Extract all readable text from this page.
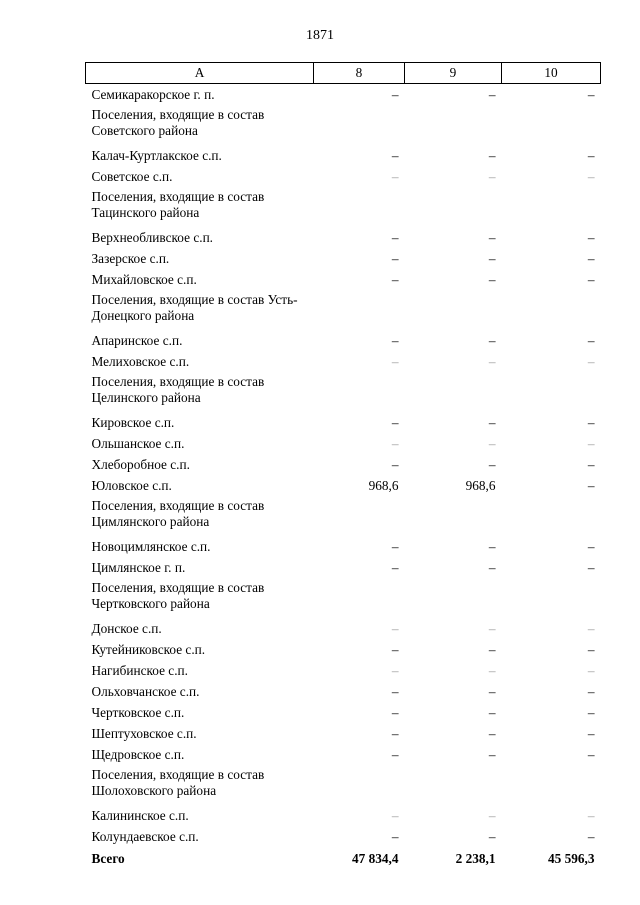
1871
А	8	9	10
Семикаракорское г. п.	–	–	–
Поселения, входящие в состав Советского района			
Калач-Куртлакское с.п.	–	–	–
Советское с.п.	–	–	–
Поселения, входящие в состав Тацинского района			
Верхнеобливское с.п.	–	–	–
Зазерское с.п.	–	–	–
Михайловское с.п.	–	–	–
Поселения, входящие в состав Усть-Донецкого района			
Апаринское с.п.	–	–	–
Мелиховское с.п.	–	–	–
Поселения, входящие в состав Целинского района			
Кировское с.п.	–	–	–
Ольшанское с.п.	–	–	–
Хлеборобное с.п.	–	–	–
Юловское с.п.	968,6	968,6	–
Поселения, входящие в состав Цимлянского района			
Новоцимлянское с.п.	–	–	–
Цимлянское г. п.	–	–	–
Поселения, входящие в состав Чертковского района			
Донское с.п.	–	–	–
Кутейниковское с.п.	–	–	–
Нагибинское с.п.	–	–	–
Ольховчанское с.п.	–	–	–
Чертковское с.п.	–	–	–
Шептуховское с.п.	–	–	–
Щедровское с.п.	–	–	–
Поселения, входящие в состав Шолоховского района			
Калининское с.п.	–	–	–
Колундаевское с.п.	–	–	–
Всего	47 834,4	2 238,1	45 596,3
